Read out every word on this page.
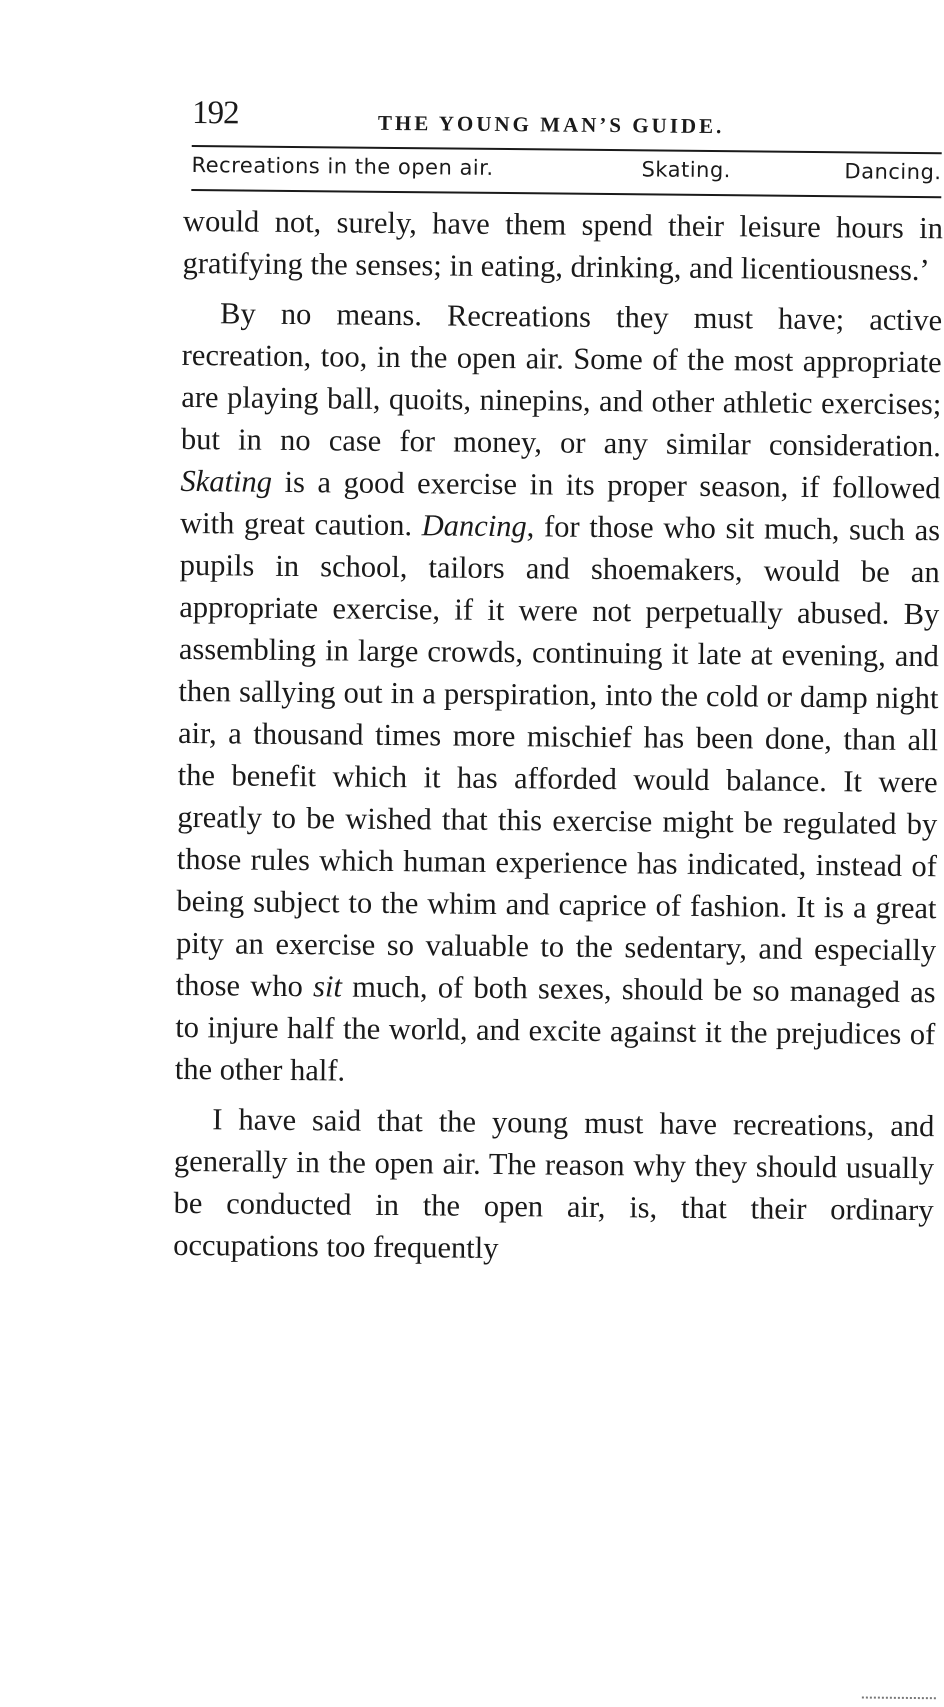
192	THE YOUNG MAN’S GUIDE.
Recreations in the open air.	Skating.	Dancing.

would not, surely, have them spend their leisure hours in gratifying the senses; in eating, drinking, and licentiousness.’

By no means. Recreations they must have; active recreation, too, in the open air. Some of the most appropriate are playing ball, quoits, ninepins, and other athletic exercises; but in no case for money, or any similar consideration. Skating is a good exercise in its proper season, if followed with great caution. Dancing, for those who sit much, such as pupils in school, tailors and shoemakers, would be an appropriate exercise, if it were not perpetually abused. By assembling in large crowds, continuing it late at evening, and then sallying out in a perspiration, into the cold or damp night air, a thousand times more mischief has been done, than all the benefit which it has afforded would balance. It were greatly to be wished that this exercise might be regulated by those rules which human experience has indicated, instead of being subject to the whim and caprice of fashion. It is a great pity an exercise so valuable to the sedentary, and especially those who sit much, of both sexes, should be so managed as to injure half the world, and excite against it the prejudices of the other half.

I have said that the young must have recreations, and generally in the open air. The reason why they should usually be conducted in the open air, is, that their ordinary occupations too frequently
